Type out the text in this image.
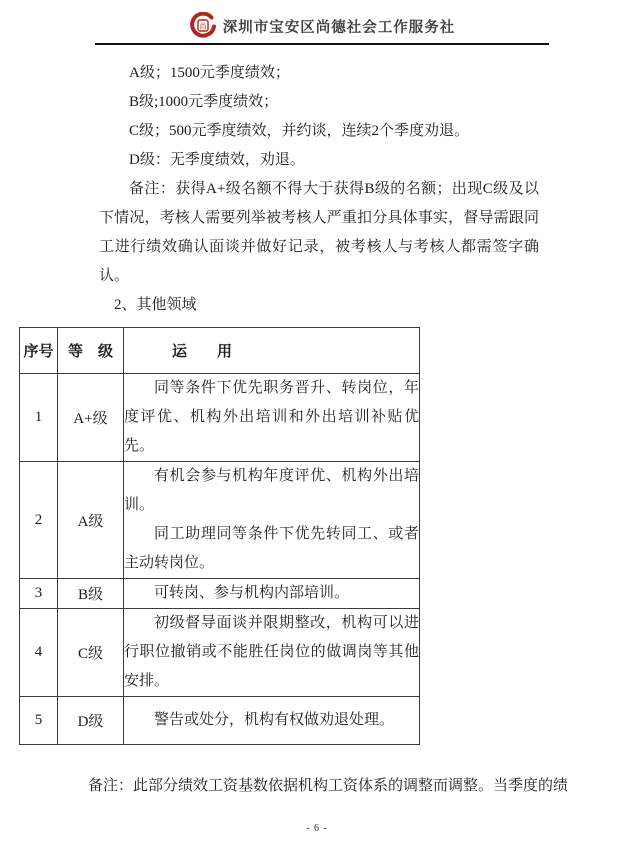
尚 深圳市宝安区尚德社会工作服务社

A级；1500元季度绩效；

B级;1000元季度绩效；

C级；500元季度绩效，并约谈，连续2个季度劝退。

D级：无季度绩效，劝退。

备注：获得A+级名额不得大于获得B级的名额；出现C级及以下情况，考核人需要列举被考核人严重扣分具体事实，督导需跟同工进行绩效确认面谈并做好记录，被考核人与考核人都需签字确认。

2、其他领域

序号	等　级	运　　用
1	A+级	同等条件下优先职务晋升、转岗位，年度评优、机构外出培训和外出培训补贴优先。

2	A级	有机会参与机构年度评优、机构外出培训。

同工助理同等条件下优先转同工、或者主动转岗位。

3	B级	可转岗、参与机构内部培训。

4	C级	初级督导面谈并限期整改，机构可以进行职位撤销或不能胜任岗位的做调岗等其他安排。

5	D级	警告或处分，机构有权做劝退处理。

备注：此部分绩效工资基数依据机构工资体系的调整而调整。当季度的绩

- 6 -
